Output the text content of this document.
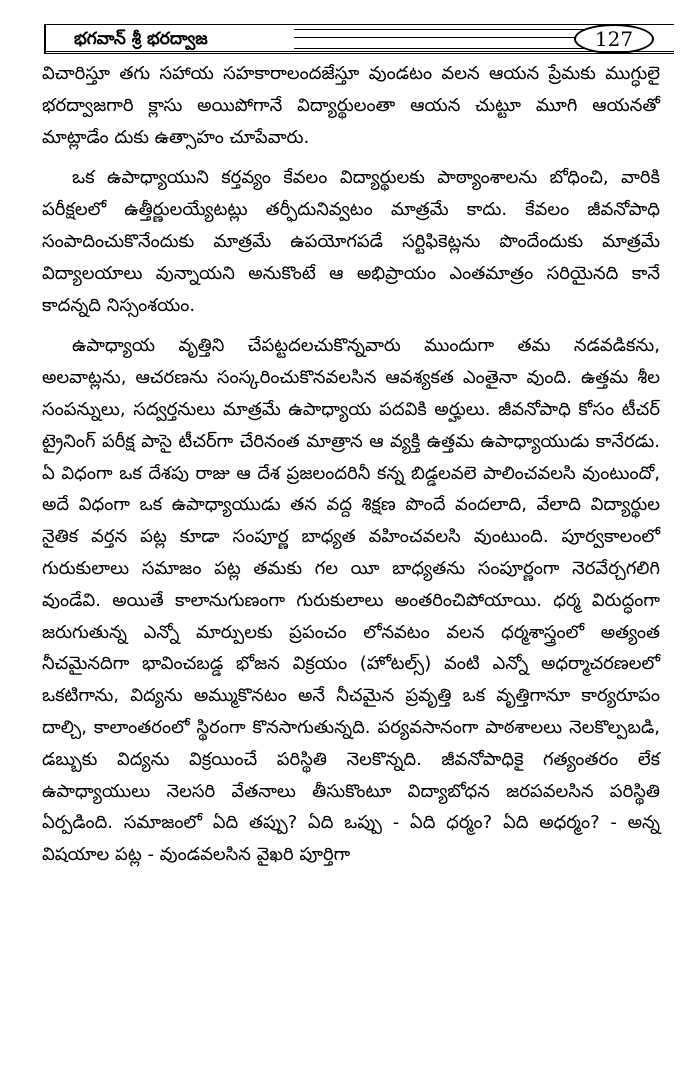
భగవాన్ శ్రీ భరద్వాజ	127

విచారిస్తూ తగు సహాయ సహకారాలందజేస్తూ వుండటం వలన ఆయన ప్రేమకు ముగ్ధులై భరద్వాజగారి క్లాసు అయిపోగానే విద్యార్థులంతా ఆయన చుట్టూ మూగి ఆయనతో మాట్లాడేం దుకు ఉత్సాహం చూపేవారు.

ఒక ఉపాధ్యాయుని కర్తవ్యం కేవలం విద్యార్థులకు పాఠ్యాంశాలను బోధించి, వారికి పరీక్షలలో ఉత్తీర్ణులయ్యేటట్లు తర్ఫీదునివ్వటం మాత్రమే కాదు. కేవలం జీవనోపాధి సంపాదించుకొనేందుకు మాత్రమే ఉపయోగపడే సర్టిఫికెట్లను పొందేందుకు మాత్రమే విద్యాలయాలు వున్నాయని అనుకొంటే ఆ అభిప్రాయం ఎంతమాత్రం సరియైనది కానే కాదన్నది నిస్సంశయం.

ఉపాధ్యాయ వృత్తిని చేపట్టదలచుకొన్నవారు ముందుగా తమ నడవడికను, అలవాట్లను, ఆచరణను సంస్కరించుకొనవలసిన ఆవశ్యకత ఎంతైనా వుంది. ఉత్తమ శీల సంపన్నులు, సద్వర్తనులు మాత్రమే ఉపాధ్యాయ పదవికి అర్హులు. జీవనోపాధి కోసం టీచర్ ట్రైనింగ్ పరీక్ష పాసై టీచర్‌గా చేరినంత మాత్రాన ఆ వ్యక్తి ఉత్తమ ఉపాధ్యాయుడు కానేరడు. ఏ విధంగా ఒక దేశపు రాజు ఆ దేశ ప్రజలందరినీ కన్న బిడ్డలవలె పాలించవలసి వుంటుందో, అదే విధంగా ఒక ఉపాధ్యాయుడు తన వద్ద శిక్షణ పొందే వందలాది, వేలాది విద్యార్థుల నైతిక వర్తన పట్ల కూడా సంపూర్ణ బాధ్యత వహించవలసి వుంటుంది. పూర్వకాలంలో గురుకులాలు సమాజం పట్ల తమకు గల యీ బాధ్యతను సంపూర్ణంగా నెరవేర్చగలిగి వుండేవి. అయితే కాలానుగుణంగా గురుకులాలు అంతరించిపోయాయి. ధర్మ విరుద్ధంగా జరుగుతున్న ఎన్నో మార్పులకు ప్రపంచం లోనవటం వలన ధర్మశాస్త్రంలో అత్యంత నీచమైనదిగా భావించబడ్డ భోజన విక్రయం (హోటల్స్) వంటి ఎన్నో అధర్మాచరణలలో ఒకటిగాను, విద్యను అమ్ముకొనటం అనే నీచమైన ప్రవృత్తి ఒక వృత్తిగానూ కార్యరూపం దాల్చి, కాలాంతరంలో స్థిరంగా కొనసాగుతున్నది. పర్యవసానంగా పాఠశాలలు నెలకొల్పబడి, డబ్బుకు విద్యను విక్రయించే పరిస్థితి నెలకొన్నది. జీవనోపాధికై గత్యంతరం లేక ఉపాధ్యాయులు నెలసరి వేతనాలు తీసుకొంటూ విద్యాబోధన జరపవలసిన పరిస్థితి ఏర్పడింది. సమాజంలో ఏది తప్పు? ఏది ఒప్పు - ఏది ధర్మం? ఏది అధర్మం? - అన్న విషయాల పట్ల - వుండవలసిన వైఖరి పూర్తిగా
